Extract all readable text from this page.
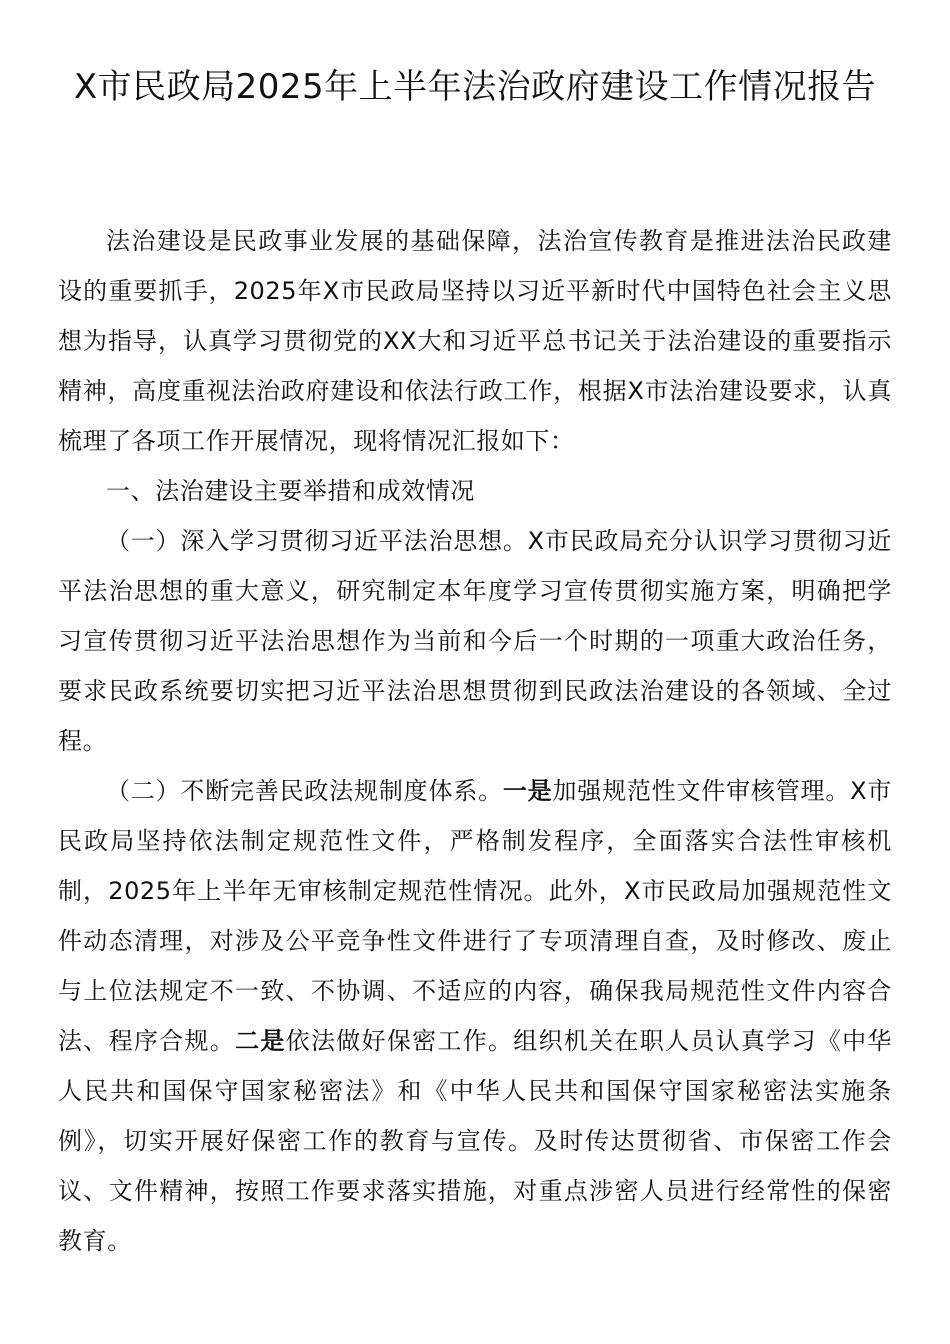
X市民政局2025年上半年法治政府建设工作情况报告

法治建设是民政事业发展的基础保障，法治宣传教育是推进法治民政建设的重要抓手，2025年X市民政局坚持以习近平新时代中国特色社会主义思想为指导，认真学习贯彻党的XX大和习近平总书记关于法治建设的重要指示精神，高度重视法治政府建设和依法行政工作，根据X市法治建设要求，认真梳理了各项工作开展情况，现将情况汇报如下：

一、法治建设主要举措和成效情况

（一）深入学习贯彻习近平法治思想。X市民政局充分认识学习贯彻习近平法治思想的重大意义，研究制定本年度学习宣传贯彻实施方案，明确把学习宣传贯彻习近平法治思想作为当前和今后一个时期的一项重大政治任务，要求民政系统要切实把习近平法治思想贯彻到民政法治建设的各领域、全过程。

（二）不断完善民政法规制度体系。一是加强规范性文件审核管理。X市民政局坚持依法制定规范性文件，严格制发程序，全面落实合法性审核机制，2025年上半年无审核制定规范性情况。此外，X市民政局加强规范性文件动态清理，对涉及公平竞争性文件进行了专项清理自查，及时修改、废止与上位法规定不一致、不协调、不适应的内容，确保我局规范性文件内容合法、程序合规。二是依法做好保密工作。组织机关在职人员认真学习《中华人民共和国保守国家秘密法》和《中华人民共和国保守国家秘密法实施条例》，切实开展好保密工作的教育与宣传。及时传达贯彻省、市保密工作会议、文件精神，按照工作要求落实措施，对重点涉密人员进行经常性的保密教育。
